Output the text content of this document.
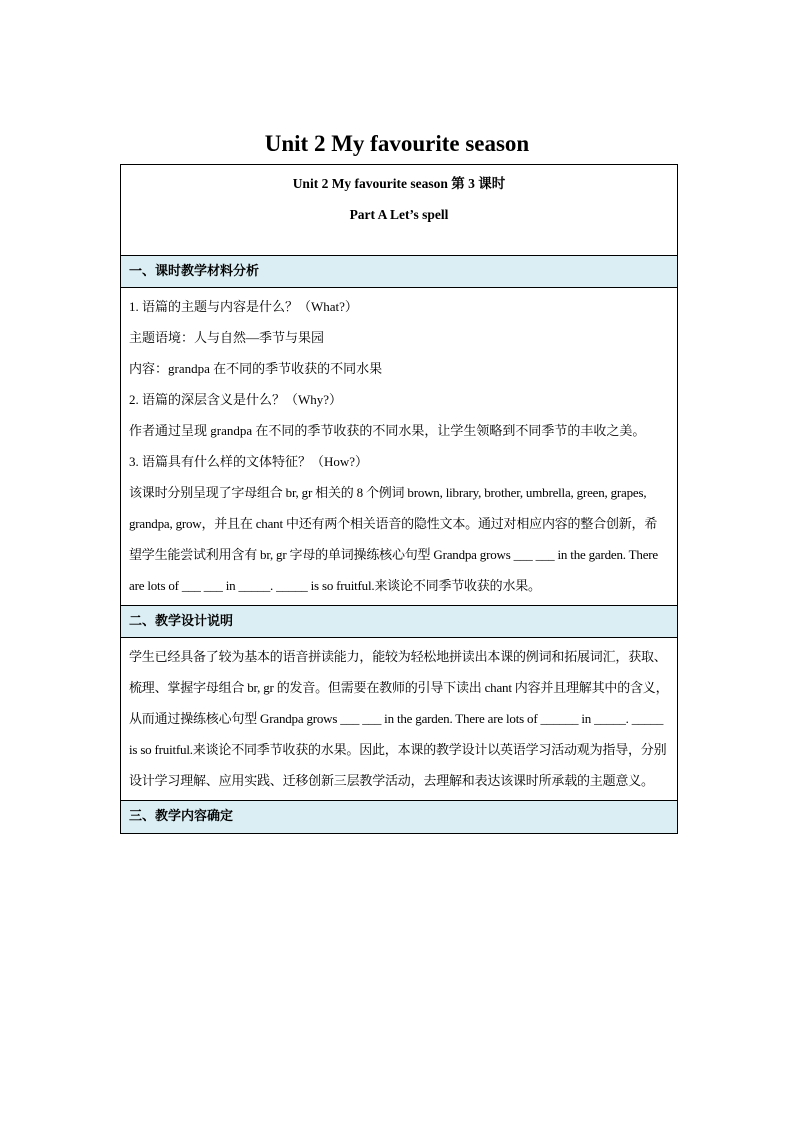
Unit 2 My favourite season
Unit 2 My favourite season 第 3 课时
Part A Let’s spell
一、课时教学材料分析

1. 语篇的主题与内容是什么？（What?）

主题语境：人与自然—季节与果园

内容：grandpa 在不同的季节收获的不同水果

2. 语篇的深层含义是什么？（Why?）

作者通过呈现 grandpa 在不同的季节收获的不同水果，让学生领略到不同季节的丰收之美。

3. 语篇具有什么样的文体特征？（How?）

该课时分别呈现了字母组合 br, gr 相关的 8 个例词 brown, library, brother, umbrella, green, grapes, grandpa, grow，并且在 chant 中还有两个相关语音的隐性文本。通过对相应内容的整合创新，希望学生能尝试利用含有 br, gr 字母的单词操练核心句型 Grandpa grows ___ ___ in the garden. There are lots of ___ ___ in _____. _____ is so fruitful.来谈论不同季节收获的水果。

二、教学设计说明

学生已经具备了较为基本的语音拼读能力，能较为轻松地拼读出本课的例词和拓展词汇，获取、梳理、掌握字母组合 br, gr 的发音。但需要在教师的引导下读出 chant 内容并且理解其中的含义，从而通过操练核心句型 Grandpa grows ___ ___ in the garden. There are lots of ______ in _____. _____ is so fruitful.来谈论不同季节收获的水果。因此，本课的教学设计以英语学习活动观为指导，分别设计学习理解、应用实践、迁移创新三层教学活动，去理解和表达该课时所承载的主题意义。

三、教学内容确定
